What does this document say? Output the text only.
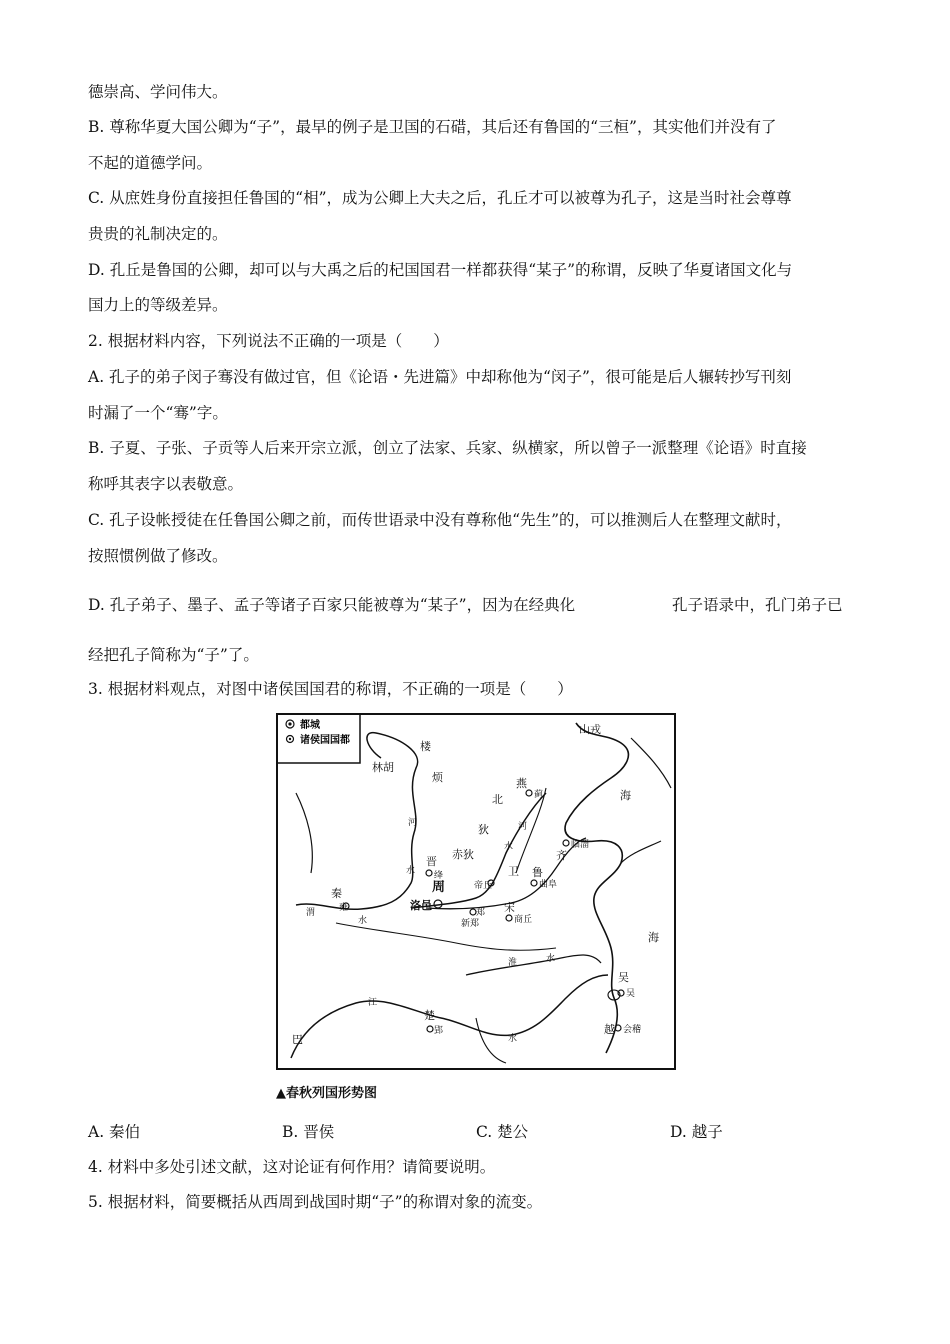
德崇高、学问伟大。
B. 尊称华夏大国公卿为“子”，最早的例子是卫国的石碏，其后还有鲁国的“三桓”，其实他们并没有了
不起的道德学问。
C. 从庶姓身份直接担任鲁国的“相”，成为公卿上大夫之后，孔丘才可以被尊为孔子，这是当时社会尊尊
贵贵的礼制决定的。
D. 孔丘是鲁国的公卿，却可以与大禹之后的杞国国君一样都获得“某子”的称谓，反映了华夏诸国文化与
国力上的等级差异。
2. 根据材料内容，下列说法不正确的一项是（　　）
A. 孔子的弟子闵子骞没有做过官，但《论语・先进篇》中却称他为“闵子”，很可能是后人辗转抄写刊刻
时漏了一个“骞”字。
B. 子夏、子张、子贡等人后来开宗立派，创立了法家、兵家、纵横家，所以曾子一派整理《论语》时直接
称呼其表字以表敬意。
C. 孔子设帐授徒在任鲁国公卿之前，而传世语录中没有尊称他“先生”的，可以推测后人在整理文献时，
按照惯例做了修改。
D. 孔子弟子、墨子、孟子等诸子百家只能被尊为“某子”，因为在经典化	孔子语录中，孔门弟子已
经把孔子简称为“子”了。
3. 根据材料观点，对图中诸侯国国君的称谓，不正确的一项是（　　）
都城
诸侯国国都
山戎
楼
烦
林胡
燕
蓟
北
狄
河	河
水
水
晋
绛
赤狄	齐
临淄
海
海
卫
帝丘
鲁
曲阜
秦
雍
周
洛邑
郑
新郑
宋
商丘
渭
水
淮	水
吴
吴
越 会稽
楚
郢
巴
江
水
▲春秋列国形势图
A. 秦伯	B. 晋侯	C. 楚公	D. 越子
4. 材料中多处引述文献，这对论证有何作用？请简要说明。
5. 根据材料，简要概括从西周到战国时期“子”的称谓对象的流变。
